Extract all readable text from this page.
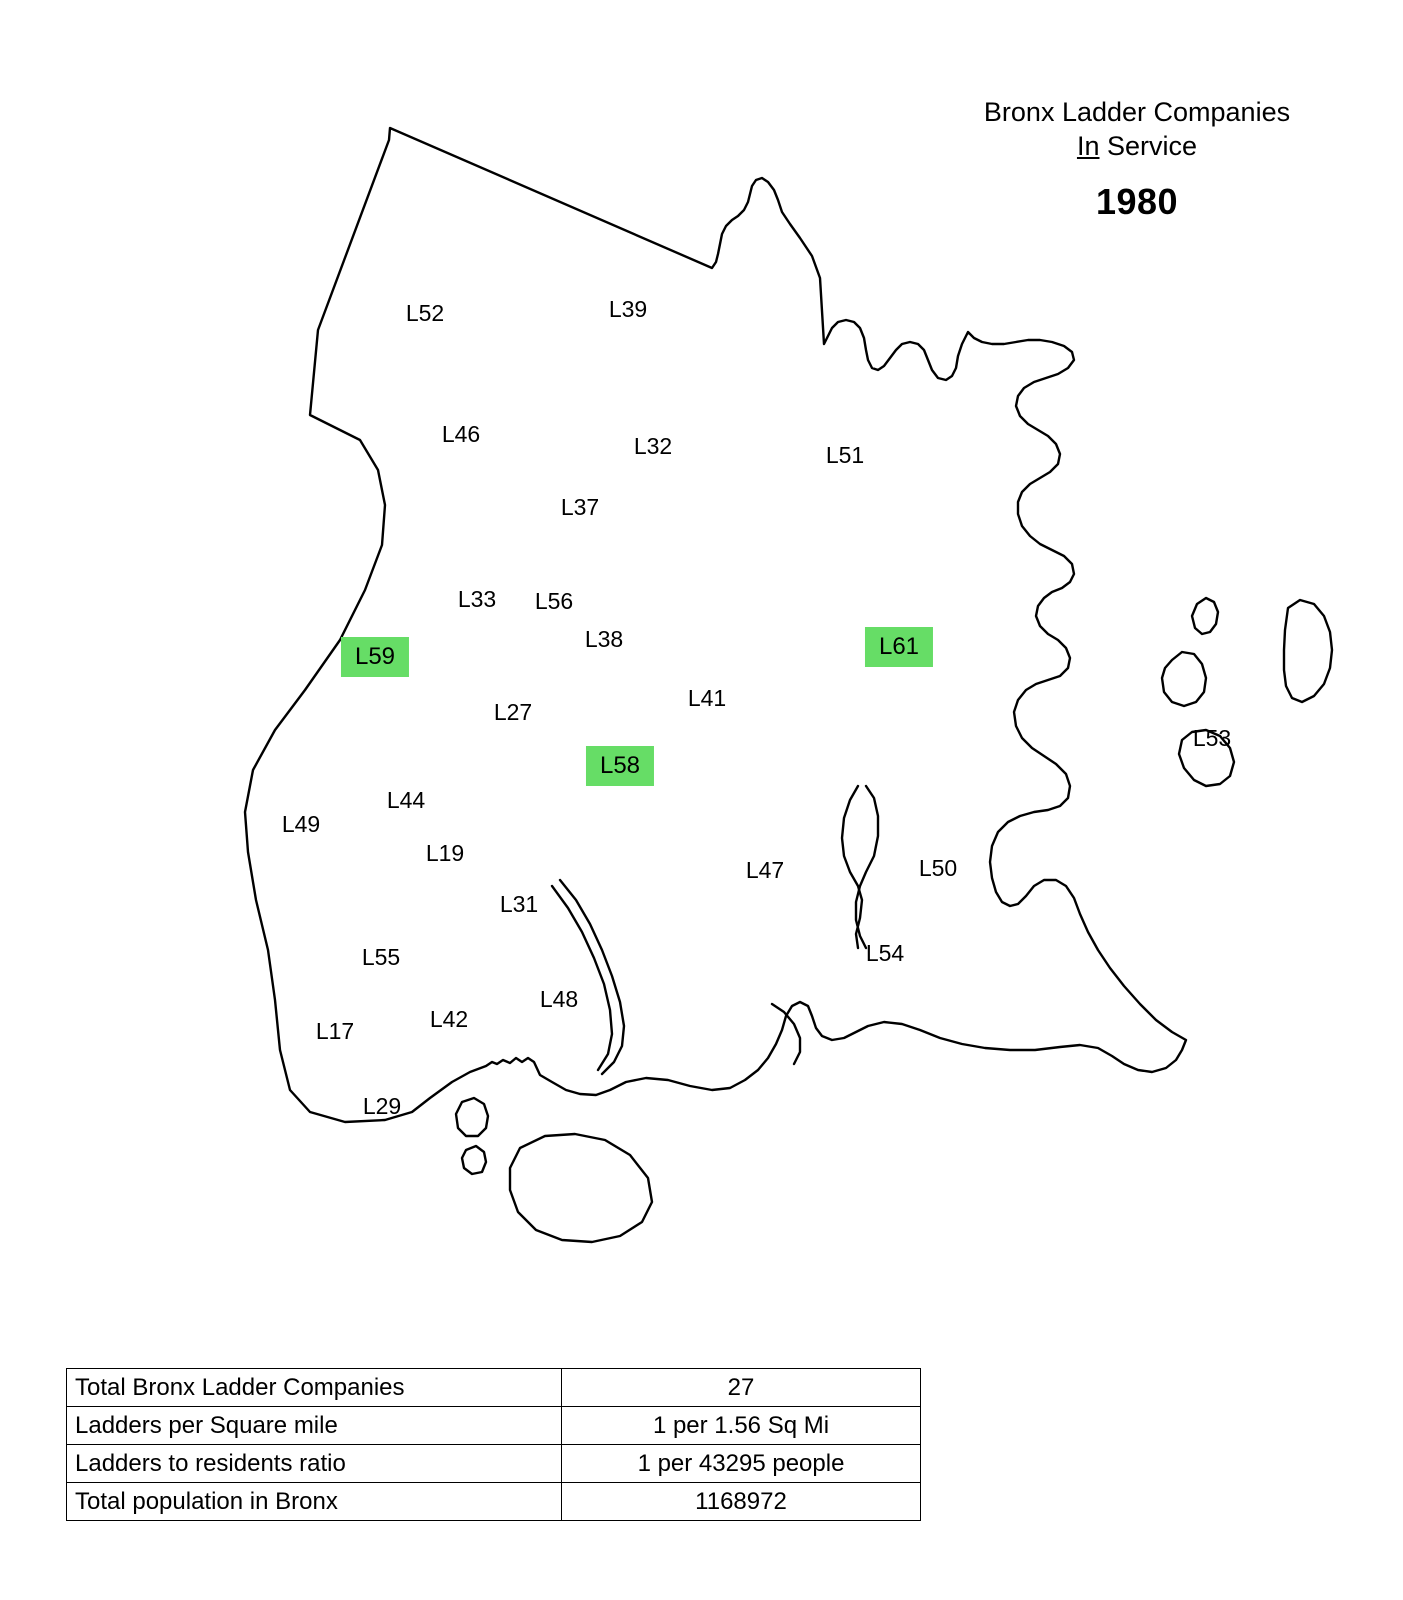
Bronx Ladder Companies
In Service
1980
L52	L39
L46	L32	L51
L37
L33 L56
L38
L59	L61
L41
L27
L53
L58
L44
L49
L19
L47	L50
L31
L55	L54
L48
L42
L17
L29
Total Bronx Ladder Companies	27
Ladders per Square mile	1 per 1.56 Sq Mi
Ladders to residents ratio	1 per 43295 people
Total population in Bronx	1168972
